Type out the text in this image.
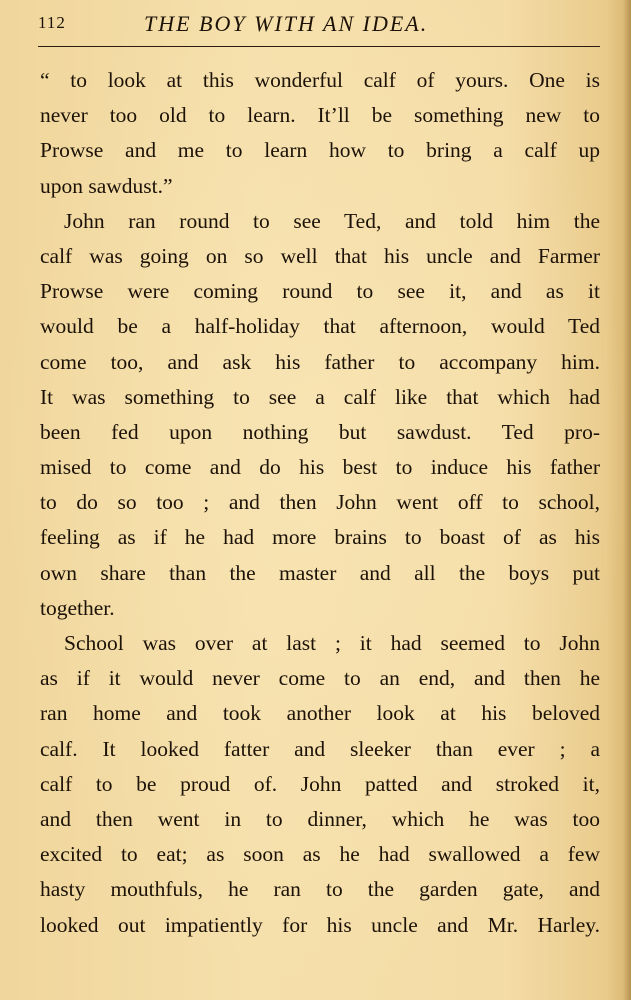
112	THE BOY WITH AN IDEA.
“ to look at this wonderful calf of yours. One is
never too old to learn. It’ll be something new to
Prowse and me to learn how to bring a calf up
upon sawdust.”
John ran round to see Ted, and told him the
calf was going on so well that his uncle and Farmer
Prowse were coming round to see it, and as it
would be a half-holiday that afternoon, would Ted
come too, and ask his father to accompany him.
It was something to see a calf like that which had
been fed upon nothing but sawdust. Ted pro-
mised to come and do his best to induce his father
to do so too ; and then John went off to school,
feeling as if he had more brains to boast of as his
own share than the master and all the boys put
together.
School was over at last ; it had seemed to John
as if it would never come to an end, and then he
ran home and took another look at his beloved
calf. It looked fatter and sleeker than ever ; a
calf to be proud of. John patted and stroked it,
and then went in to dinner, which he was too
excited to eat; as soon as he had swallowed a few
hasty mouthfuls, he ran to the garden gate, and
looked out impatiently for his uncle and Mr. Harley.
